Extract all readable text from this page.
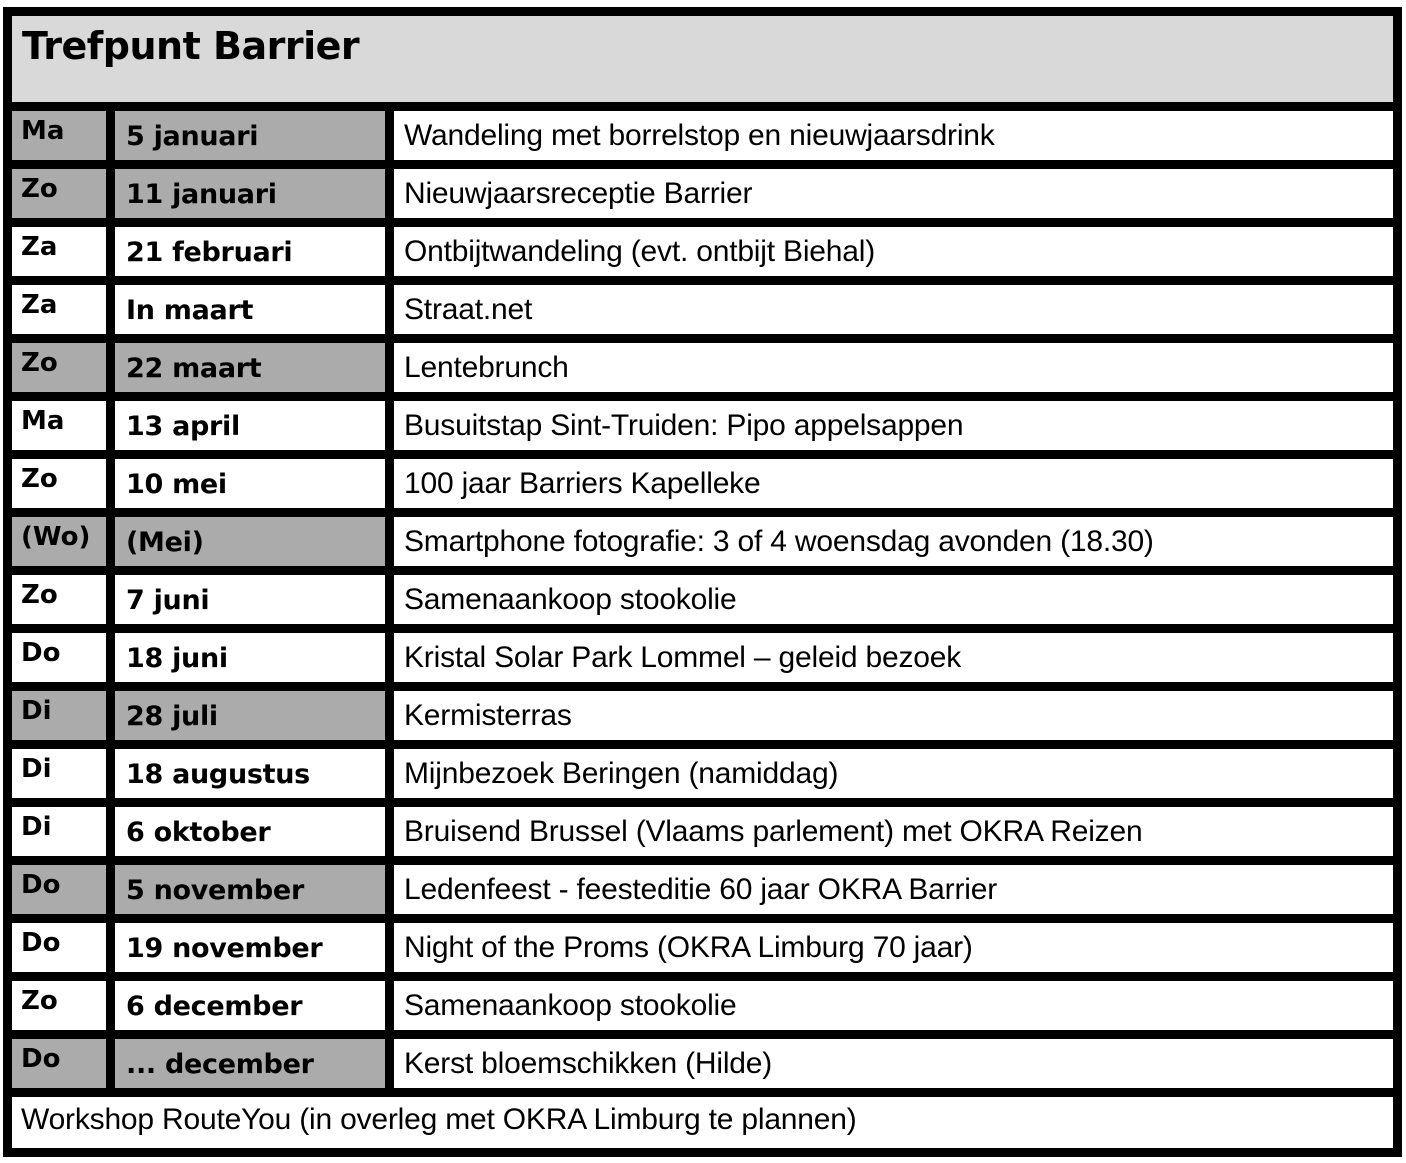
Trefpunt Barrier
Ma	5 januari	Wandeling met borrelstop en nieuwjaarsdrink
Zo	11 januari	Nieuwjaarsreceptie Barrier
Za	21 februari	Ontbijtwandeling (evt. ontbijt Biehal)
Za	In maart	Straat.net
Zo	22 maart	Lentebrunch
Ma	13 april	Busuitstap Sint-Truiden: Pipo appelsappen
Zo	10 mei	100 jaar Barriers Kapelleke
(Wo)	(Mei)	Smartphone fotografie: 3 of 4 woensdag avonden (18.30)
Zo	7 juni	Samenaankoop stookolie
Do	18 juni	Kristal Solar Park Lommel – geleid bezoek
Di	28 juli	Kermisterras
Di	18 augustus	Mijnbezoek Beringen (namiddag)
Di	6 oktober	Bruisend Brussel (Vlaams parlement) met OKRA Reizen
Do	5 november	Ledenfeest - feesteditie 60 jaar OKRA Barrier
Do	19 november	Night of the Proms (OKRA Limburg 70 jaar)
Zo	6 december	Samenaankoop stookolie
Do	... december	Kerst bloemschikken (Hilde)
Workshop RouteYou (in overleg met OKRA Limburg te plannen)
